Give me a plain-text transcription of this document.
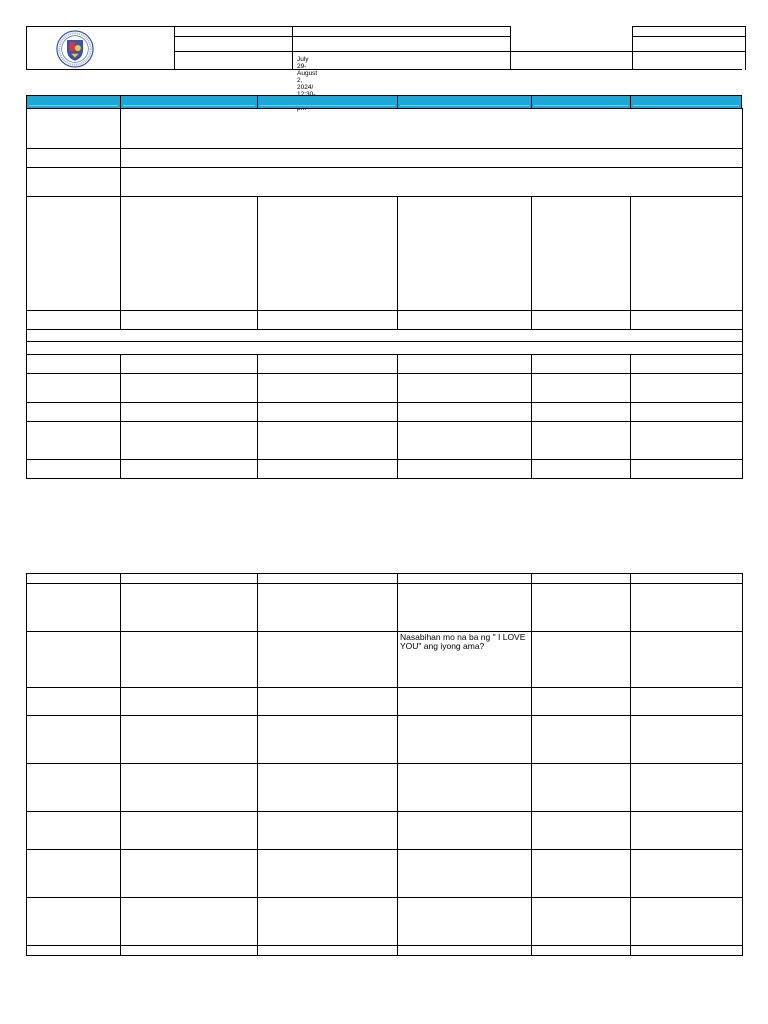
July 29- August 2, 2024/

			Nasabihan mo na ba ng " I LOVE YOU" ang iyong ama?		
